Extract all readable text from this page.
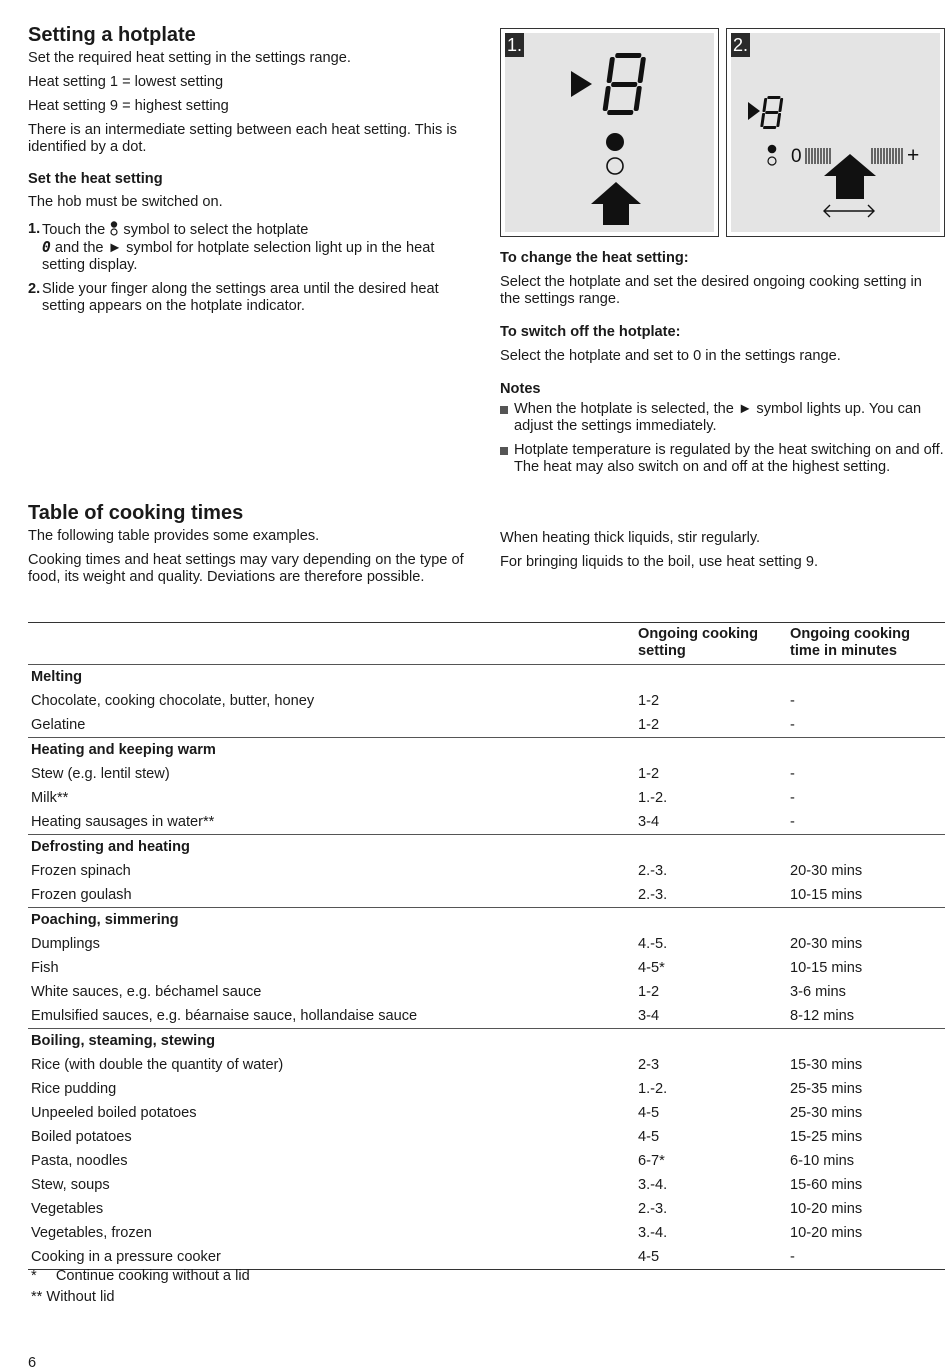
Setting a hotplate

Set the required heat setting in the settings range.

Heat setting 1 = lowest setting

Heat setting 9 = highest setting

There is an intermediate setting between each heat setting. This is identified by a dot.

Set the heat setting

The hob must be switched on.

1. Touch the symbol to select the hotplate
0 and the ► symbol for hotplate selection light up in the heat setting display.
2. Slide your finger along the settings area until the desired heat setting appears on the hotplate indicator.
1.	2.
0	+
To change the heat setting:

Select the hotplate and set the desired ongoing cooking setting in the settings range.

To switch off the hotplate:

Select the hotplate and set to 0 in the settings range.

Notes
When the hotplate is selected, the ► symbol lights up. You can adjust the settings immediately.
Hotplate temperature is regulated by the heat switching on and off. The heat may also switch on and off at the highest setting.
Table of cooking times

The following table provides some examples.

Cooking times and heat settings may vary depending on the type of food, its weight and quality. Deviations are therefore possible.

When heating thick liquids, stir regularly.

For bringing liquids to the boil, use heat setting 9.

	Ongoing cooking setting	Ongoing cooking time in minutes
Melting		
Chocolate, cooking chocolate, butter, honey	1-2	-
Gelatine	1-2	-
Heating and keeping warm		
Stew (e.g. lentil stew)	1-2	-
Milk**	1.-2.	-
Heating sausages in water**	3-4	-
Defrosting and heating		
Frozen spinach	2.-3.	20-30 mins
Frozen goulash	2.-3.	10-15 mins
Poaching, simmering		
Dumplings	4.-5.	20-30 mins
Fish	4-5*	10-15 mins
White sauces, e.g. béchamel sauce	1-2	3-6 mins
Emulsified sauces, e.g. béarnaise sauce, hollandaise sauce	3-4	8-12 mins
Boiling, steaming, stewing		
Rice (with double the quantity of water)	2-3	15-30 mins
Rice pudding	1.-2.	25-35 mins
Unpeeled boiled potatoes	4-5	25-30 mins
Boiled potatoes	4-5	15-25 mins
Pasta, noodles	6-7*	6-10 mins
Stew, soups	3.-4.	15-60 mins
Vegetables	2.-3.	10-20 mins
Vegetables, frozen	3.-4.	10-20 mins
Cooking in a pressure cooker	4-5	-
* Continue cooking without a lid
** Without lid
6
